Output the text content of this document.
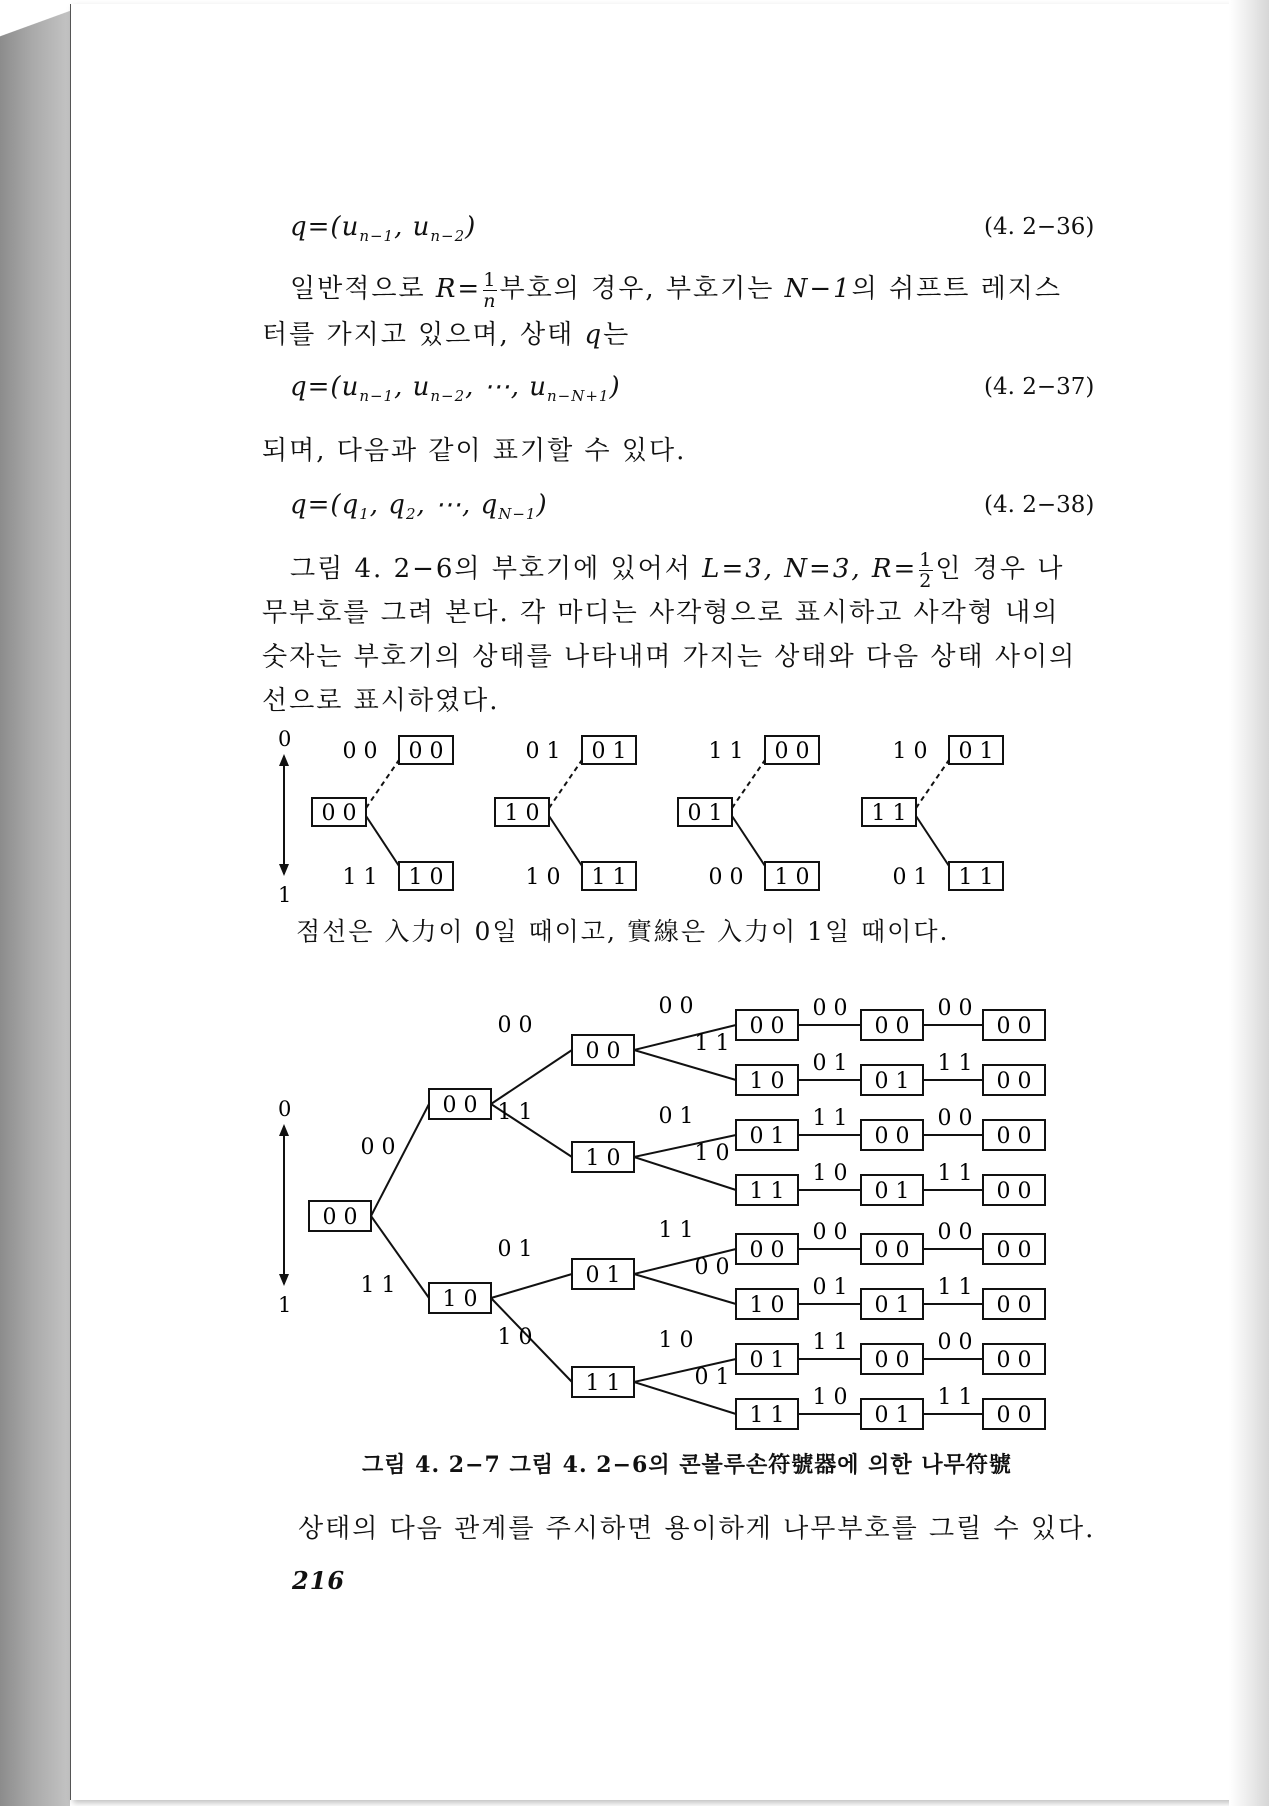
$q=(u_{n-1}$, $u_{n-2}$)	(4. 2−36)
일반적으로 $R= \frac{1}{n}$ 부호의 경우, 부호기는 N−1의 쉬프트 레지스
터를 가지고 있으며, 상태 q는
$q=(u_{n-1}$, $u_{n-2}$, ⋯, $u_{n-N+1}$)	(4. 2−37)
되며, 다음과 같이 표기할 수 있다.
$q=(q_1$, $q_2$, ⋯, $q_{N-1}$)	(4. 2−38)
그림 4. 2−6의 부호기에 있어서 L=3, N=3, $R= \frac{1}{2}$ 인 경우 나
무부호를 그려 본다. 각 마디는 사각형으로 표시하고 사각형 내의
숫자는 부호기의 상태를 나타내며 가지는 상태와 다음 상태 사이의
선으로 표시하였다.
0
1
0 0
0 0
1 0
0 0
1 1
1 0
0 1
1 1
0 1
1 0
0 1
0 0
1 0
1 1
0 0
1 1
0 1
1 1
1 0
0 1
점선은 入力이 0일 때이고, 實線은 入力이 1일 때이다.
0
1
0 0
0 0
1 0
0 0
1 0
0 1
1 1
0 0
1 0
0 1
1 1
0 0
1 0
0 1
1 1
0 0
0 1
0 0
0 1
0 0
0 1
0 0
0 1
0 0
0 0
0 0
0 0
0 0
0 0
0 0
0 0
0 0
1 1
0 0
1 1
0 1
1 0
0 0
1 1
0 1
1 0
1 1
0 0
1 0
0 1
0 0	0 0
0 1	1 1
1 1	0 0
1 0	1 1
0 0	0 0
0 1	1 1
1 1	0 0
1 0	1 1
그림 4. 2−7 그림 4. 2−6의 콘볼루손符號器에 의한 나무符號
상태의 다음 관계를 주시하면 용이하게 나무부호를 그릴 수 있다.
216
